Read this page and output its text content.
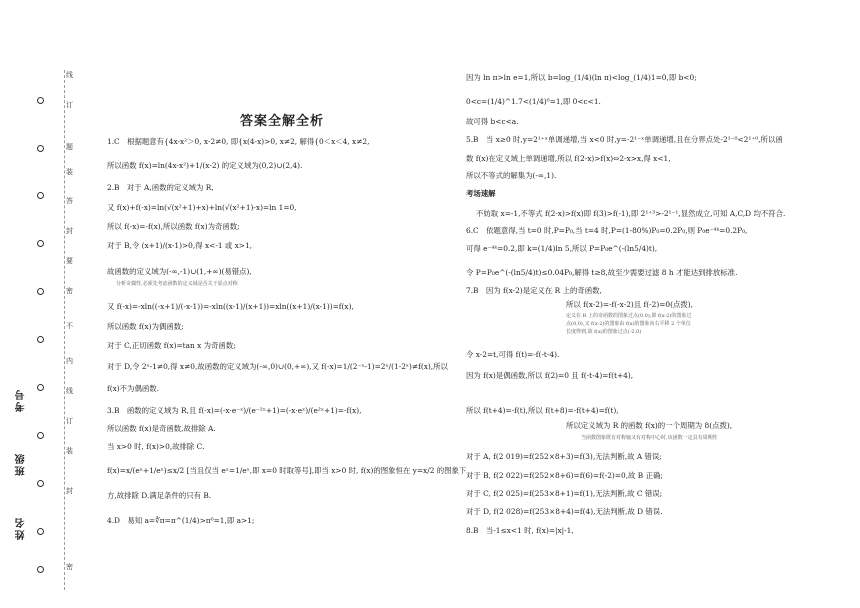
考号
班级
姓名
线
订
题
装
答
封
要
密
不
内
线
订
装
封
密
答案全解全析
1.C　根据题意有{4x-x²＞0, x-2≠0, 即{x(4-x)>0, x≠2, 解得{0＜x＜4, x≠2,
所以函数 f(x)=ln(4x-x²)+1/(x-2) 的定义域为(0,2)∪(2,4).
2.B　对于 A,函数的定义域为 R,
又 f(x)+f(-x)=ln(√(x²+1)+x)+ln(√(x²+1)-x)=ln 1=0,
所以 f(-x)=-f(x),所以函数 f(x)为奇函数;
对于 B,令 (x+1)/(x-1)>0,得 x<-1 或 x>1,
故函数的定义域为(-∞,-1)∪(1,+∞)(易错点),
分析奇偶性,必须先考虑函数的定义域是否关于原点对称
又 f(-x)=-xln((-x+1)/(-x-1))=-xln((x-1)/(x+1))=xln((x+1)/(x-1))=f(x),
所以函数 f(x)为偶函数;
对于 C,正切函数 f(x)=tan x 为奇函数;
对于 D,令 2ˣ-1≠0,得 x≠0,故函数的定义域为(-∞,0)∪(0,+∞),又 f(-x)=1/(2⁻ˣ-1)=2ˣ/(1-2ˣ)≠f(x),所以
f(x)不为偶函数.
3.B　函数的定义域为 R,且 f(-x)=(-x·e⁻ˣ)/(e⁻²ˣ+1)=(-x·eˣ)/(e²ˣ+1)=-f(x),
所以函数 f(x)是奇函数,故排除 A.
当 x>0 时, f(x)>0,故排除 C.
f(x)=x/(eˣ+1/eˣ)≤x/2 [当且仅当 eˣ=1/eˣ,即 x=0 时取等号],即当 x>0 时, f(x)的图象恒在 y=x/2 的图象下
方,故排除 D.满足条件的只有 B.
4.D　易知 a=∜π=π^(1/4)>π⁰=1,即 a>1;
因为 ln π>ln e=1,所以 b=log_(1/4)(ln π)<log_(1/4)1=0,即 b<0;
0<c=(1/4)^1.7<(1/4)⁰=1,即 0<c<1.
故可得 b<c<a.
5.B　当 x≥0 时,y=2¹⁺ˣ单调递增,当 x<0 时,y=-2¹⁻ˣ单调递增,且在分界点处-2¹⁻⁰<2¹⁺⁰,所以函
数 f(x)在定义域上单调递增,所以 f(2-x)>f(x)⇔2-x>x,得 x<1,
所以不等式的解集为(-∞,1).
考场速解
不妨取 x=-1,不等式 f(2-x)>f(x)即 f(3)>f(-1),即 2¹⁺³>-2¹⁻¹,显然成立,可知 A,C,D 均不符合.
6.C　依题意得,当 t=0 时,P=P₀,当 t=4 时,P=(1-80%)P₀=0.2P₀,则 P₀e⁻⁴ᵏ=0.2P₀,
可得 e⁻⁴ᵏ=0.2,即 k=(1/4)ln 5,所以 P=P₀e^(-(ln5/4)t),
令 P=P₀e^(-(ln5/4)t)≤0.04P₀,解得 t≥8,故至少需要过滤 8 h 才能达到排放标准.
7.B　因为 f(x-2)是定义在 R 上的奇函数,
所以 f(x-2)=-f(-x-2)且 f(-2)=0(点拨),
定义在 R 上的奇函数的图象过点(0,0),即 f(x-2)的图象过
点(0,0),又 f(x-2)的图象由 f(x)的图象向右平移 2 个单位
长度得到,故 f(x)的图象过点(-2,0)
令 x-2=t,可得 f(t)=-f(-t-4).
因为 f(x)是偶函数,所以 f(2)=0 且 f(-t-4)=f(t+4),
所以 f(t+4)=-f(t),所以 f(t+8)=-f(t+4)=f(t),
所以定义域为 R 的函数 f(x)的一个周期为 8(点拨),
当函数图象既有对称轴又有对称中心时,该函数一定具有周期性
对于 A, f(2 019)=f(252×8+3)=f(3),无法判断,故 A 错误;
对于 B, f(2 022)=f(252×8+6)=f(6)=f(-2)=0,故 B 正确;
对于 C, f(2 025)=f(253×8+1)=f(1),无法判断,故 C 错误;
对于 D, f(2 028)=f(253×8+4)=f(4),无法判断,故 D 错误.
8.B　当-1≤x<1 时, f(x)=|x|-1,
